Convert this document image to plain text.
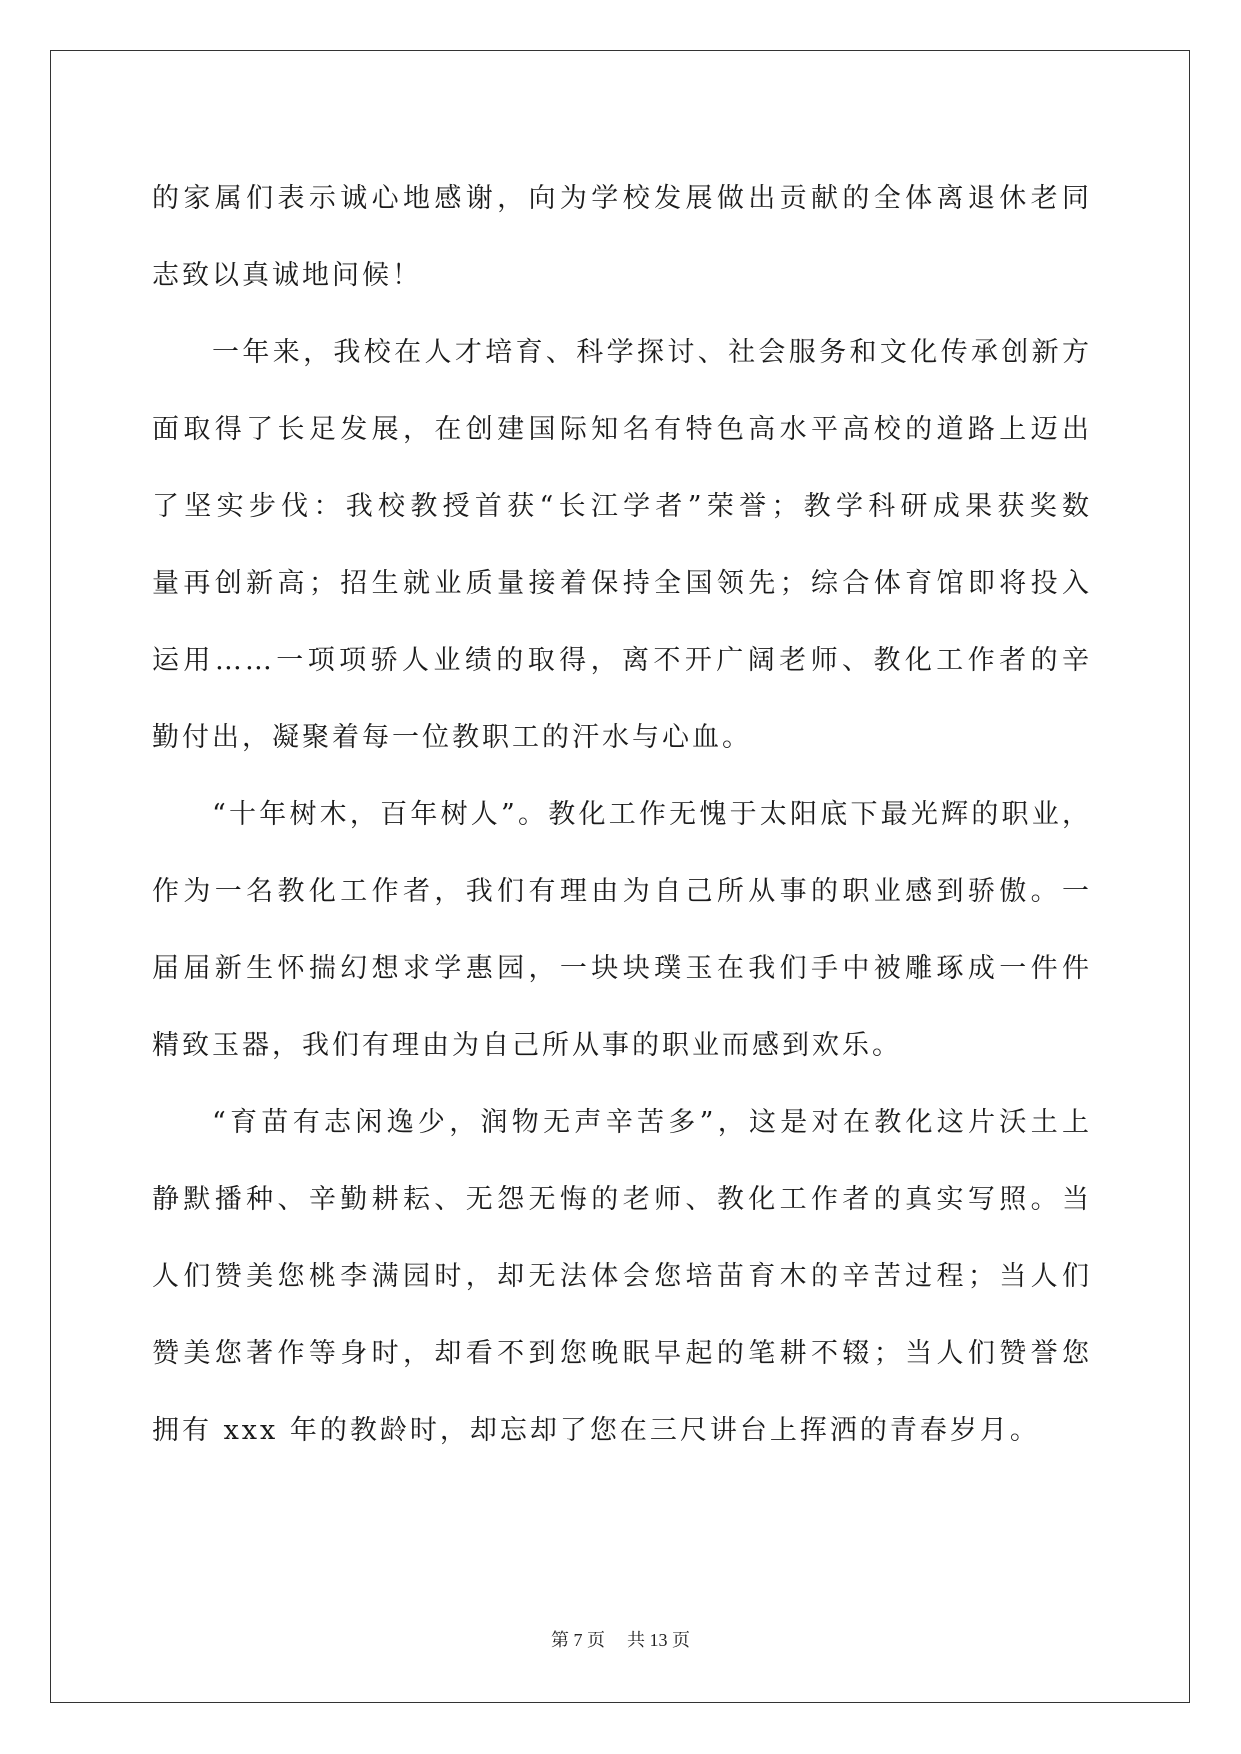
的家属们表示诚心地感谢，向为学校发展做出贡献的全体离退休老同
志致以真诚地问候！
一年来，我校在人才培育、科学探讨、社会服务和文化传承创新方
面取得了长足发展，在创建国际知名有特色高水平高校的道路上迈出
了坚实步伐：我校教授首获“长江学者”荣誉；教学科研成果获奖数
量再创新高；招生就业质量接着保持全国领先；综合体育馆即将投入
运用……一项项骄人业绩的取得，离不开广阔老师、教化工作者的辛
勤付出，凝聚着每一位教职工的汗水与心血。
“十年树木，百年树人”。教化工作无愧于太阳底下最光辉的职业，
作为一名教化工作者，我们有理由为自己所从事的职业感到骄傲。一
届届新生怀揣幻想求学惠园，一块块璞玉在我们手中被雕琢成一件件
精致玉器，我们有理由为自己所从事的职业而感到欢乐。
“育苗有志闲逸少，润物无声辛苦多”，这是对在教化这片沃土上
静默播种、辛勤耕耘、无怨无悔的老师、教化工作者的真实写照。当
人们赞美您桃李满园时，却无法体会您培苗育木的辛苦过程；当人们
赞美您著作等身时，却看不到您晚眠早起的笔耕不辍；当人们赞誉您
拥有 xxx 年的教龄时，却忘却了您在三尺讲台上挥洒的青春岁月。
第 7 页 共 13 页
